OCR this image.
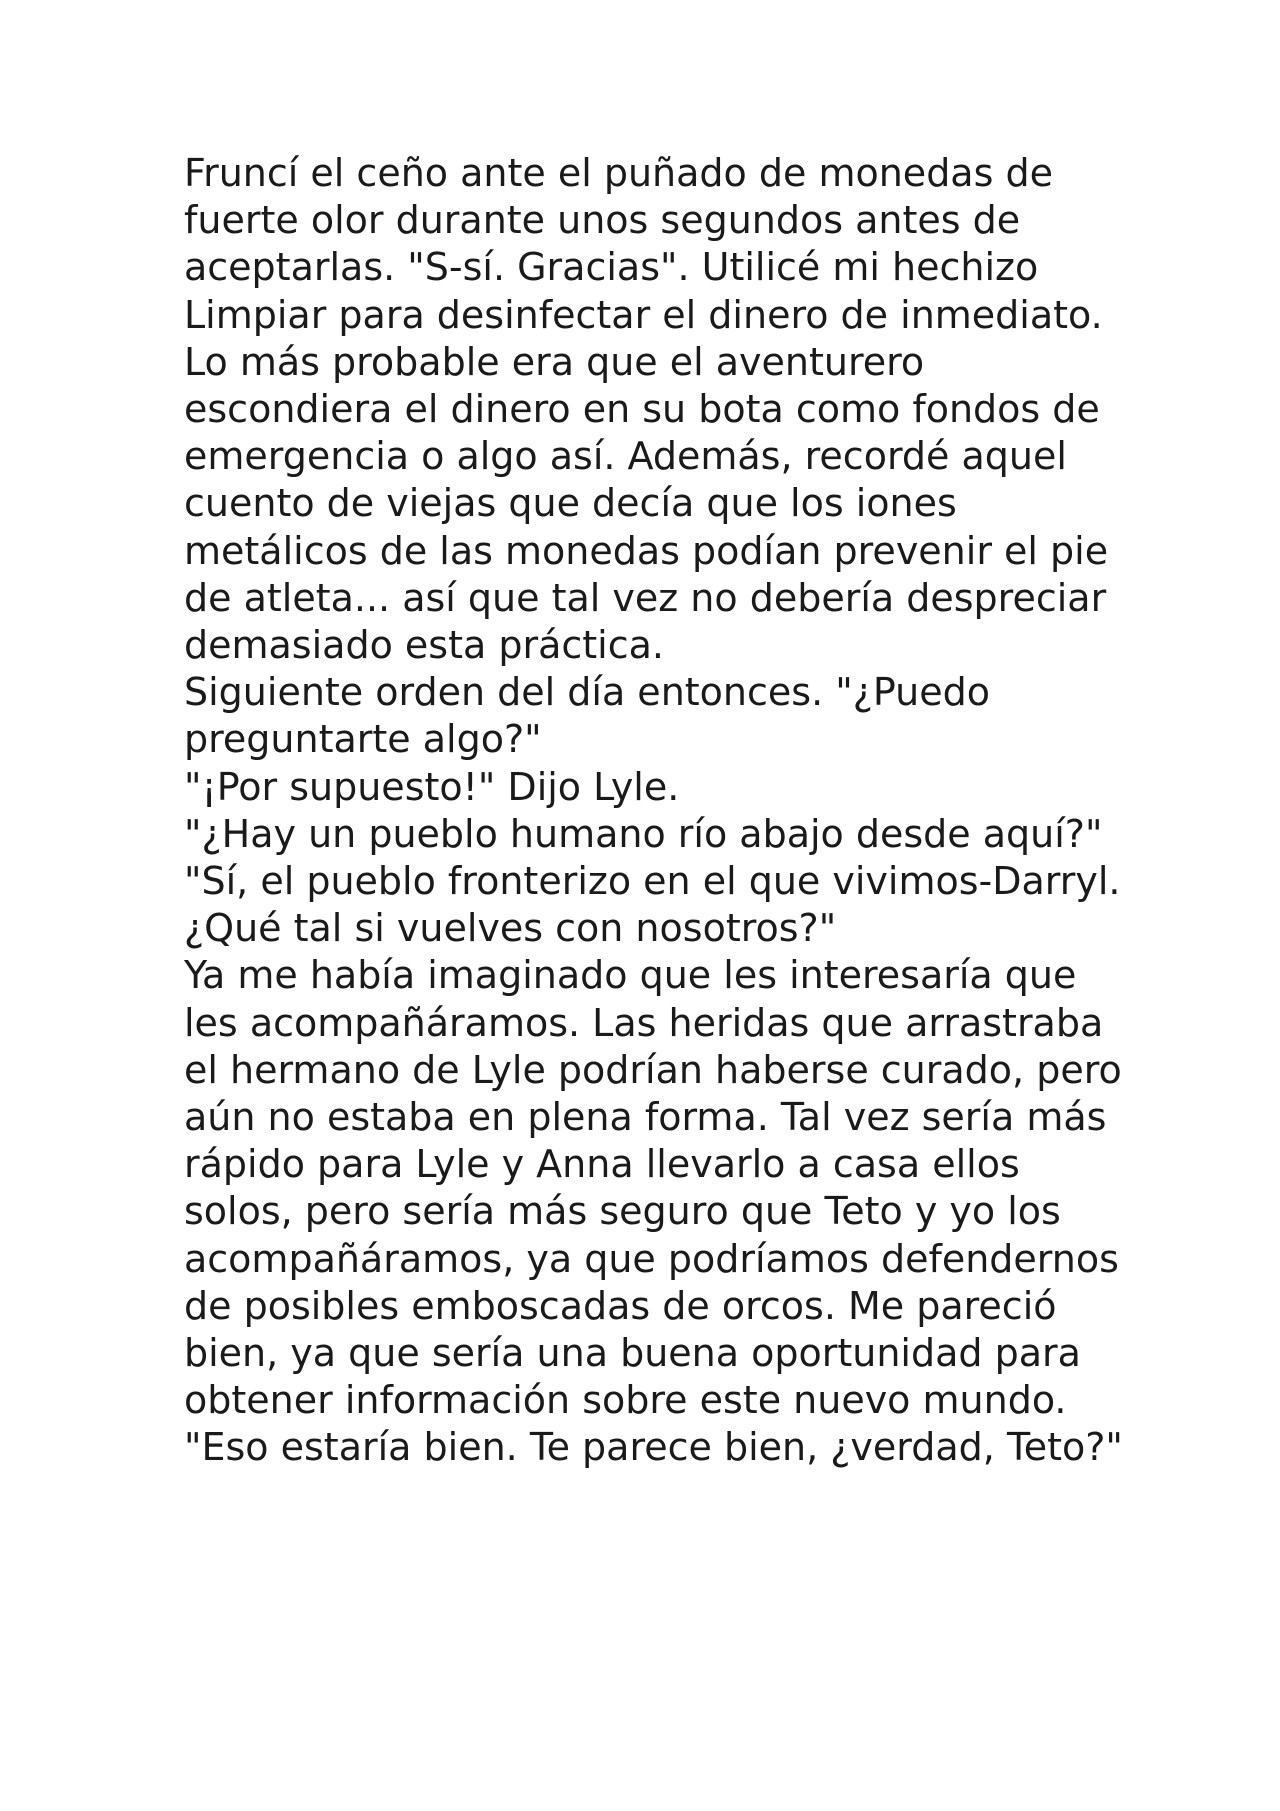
Fruncí el ceño ante el puñado de monedas de fuerte olor durante unos segundos antes de aceptarlas. "S-sí. Gracias". Utilicé mi hechizo Limpiar para desinfectar el dinero de inmediato.

Lo más probable era que el aventurero escondiera el dinero en su bota como fondos de emergencia o algo así. Además, recordé aquel cuento de viejas que decía que los iones metálicos de las monedas podían prevenir el pie de atleta... así que tal vez no debería despreciar demasiado esta práctica.

Siguiente orden del día entonces. "¿Puedo preguntarte algo?"

"¡Por supuesto!" Dijo Lyle.

"¿Hay un pueblo humano río abajo desde aquí?"

"Sí, el pueblo fronterizo en el que vivimos-Darryl. ¿Qué tal si vuelves con nosotros?"

Ya me había imaginado que les interesaría que les acompañáramos. Las heridas que arrastraba el hermano de Lyle podrían haberse curado, pero aún no estaba en plena forma. Tal vez sería más rápido para Lyle y Anna llevarlo a casa ellos solos, pero sería más seguro que Teto y yo los acompañáramos, ya que podríamos defendernos de posibles emboscadas de orcos. Me pareció bien, ya que sería una buena oportunidad para obtener información sobre este nuevo mundo.

"Eso estaría bien. Te parece bien, ¿verdad, Teto?"
